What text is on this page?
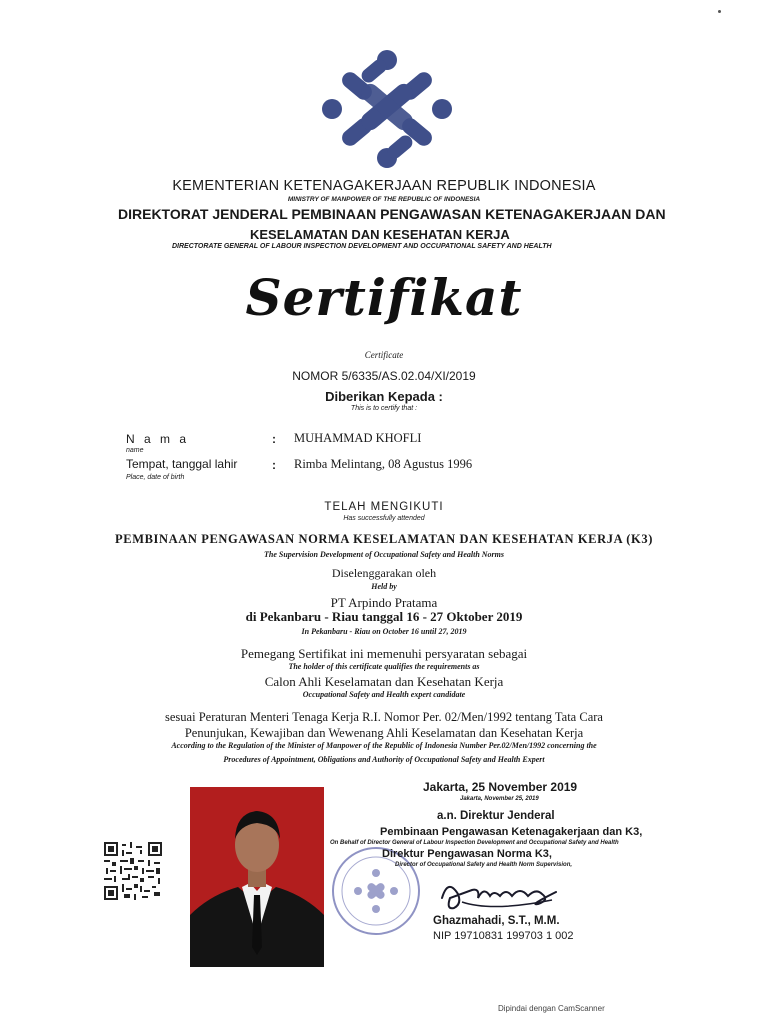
KEMENTERIAN KETENAGAKERJAAN REPUBLIK INDONESIA
MINISTRY OF MANPOWER OF THE REPUBLIC OF INDONESIA
DIREKTORAT JENDERAL PEMBINAAN PENGAWASAN KETENAGAKERJAAN DAN
KESELAMATAN DAN KESEHATAN KERJA
DIRECTORATE GENERAL OF LABOUR INSPECTION DEVELOPMENT AND OCCUPATIONAL SAFETY AND HEALTH
Sertifikat
Certificate
NOMOR 5/6335/AS.02.04/XI/2019
Diberikan Kepada :
This is to certify that :
N a m a
name
: MUHAMMAD KHOFLI
Tempat, tanggal lahir
Place, date of birth
: Rimba Melintang, 08 Agustus 1996
TELAH MENGIKUTI
Has successfully attended
PEMBINAAN PENGAWASAN NORMA KESELAMATAN DAN KESEHATAN KERJA (K3)
The Supervision Development of Occupational Safety and Health Norms
Diselenggarakan oleh
Held by
PT Arpindo Pratama
di Pekanbaru - Riau tanggal 16 - 27 Oktober 2019
In Pekanbaru - Riau on October 16 until 27, 2019
Pemegang Sertifikat ini memenuhi persyaratan sebagai
The holder of this certificate qualifies the requirements as
Calon Ahli Keselamatan dan Kesehatan Kerja
Occupational Safety and Health expert candidate
sesuai Peraturan Menteri Tenaga Kerja R.I. Nomor Per. 02/Men/1992 tentang Tata Cara
Penunjukan, Kewajiban dan Wewenang Ahli Keselamatan dan Kesehatan Kerja
According to the Regulation of the Minister of Manpower of the Republic of Indonesia Number Per.02/Men/1992 concerning the
Procedures of Appointment, Obligations and Authority of Occupational Safety and Health Expert
Jakarta, 25 November 2019
Jakarta, November 25, 2019
a.n. Direktur Jenderal
Pembinaan Pengawasan Ketenagakerjaan dan K3,
On Behalf of Director General of Labour Inspection Development and Occupational Safety and Health
Direktur Pengawasan Norma K3,
Director of Occupational Safety and Health Norm Supervision,
Ghazmahadi, S.T., M.M.
NIP 19710831 199703 1 002
Dipindai dengan CamScanner
